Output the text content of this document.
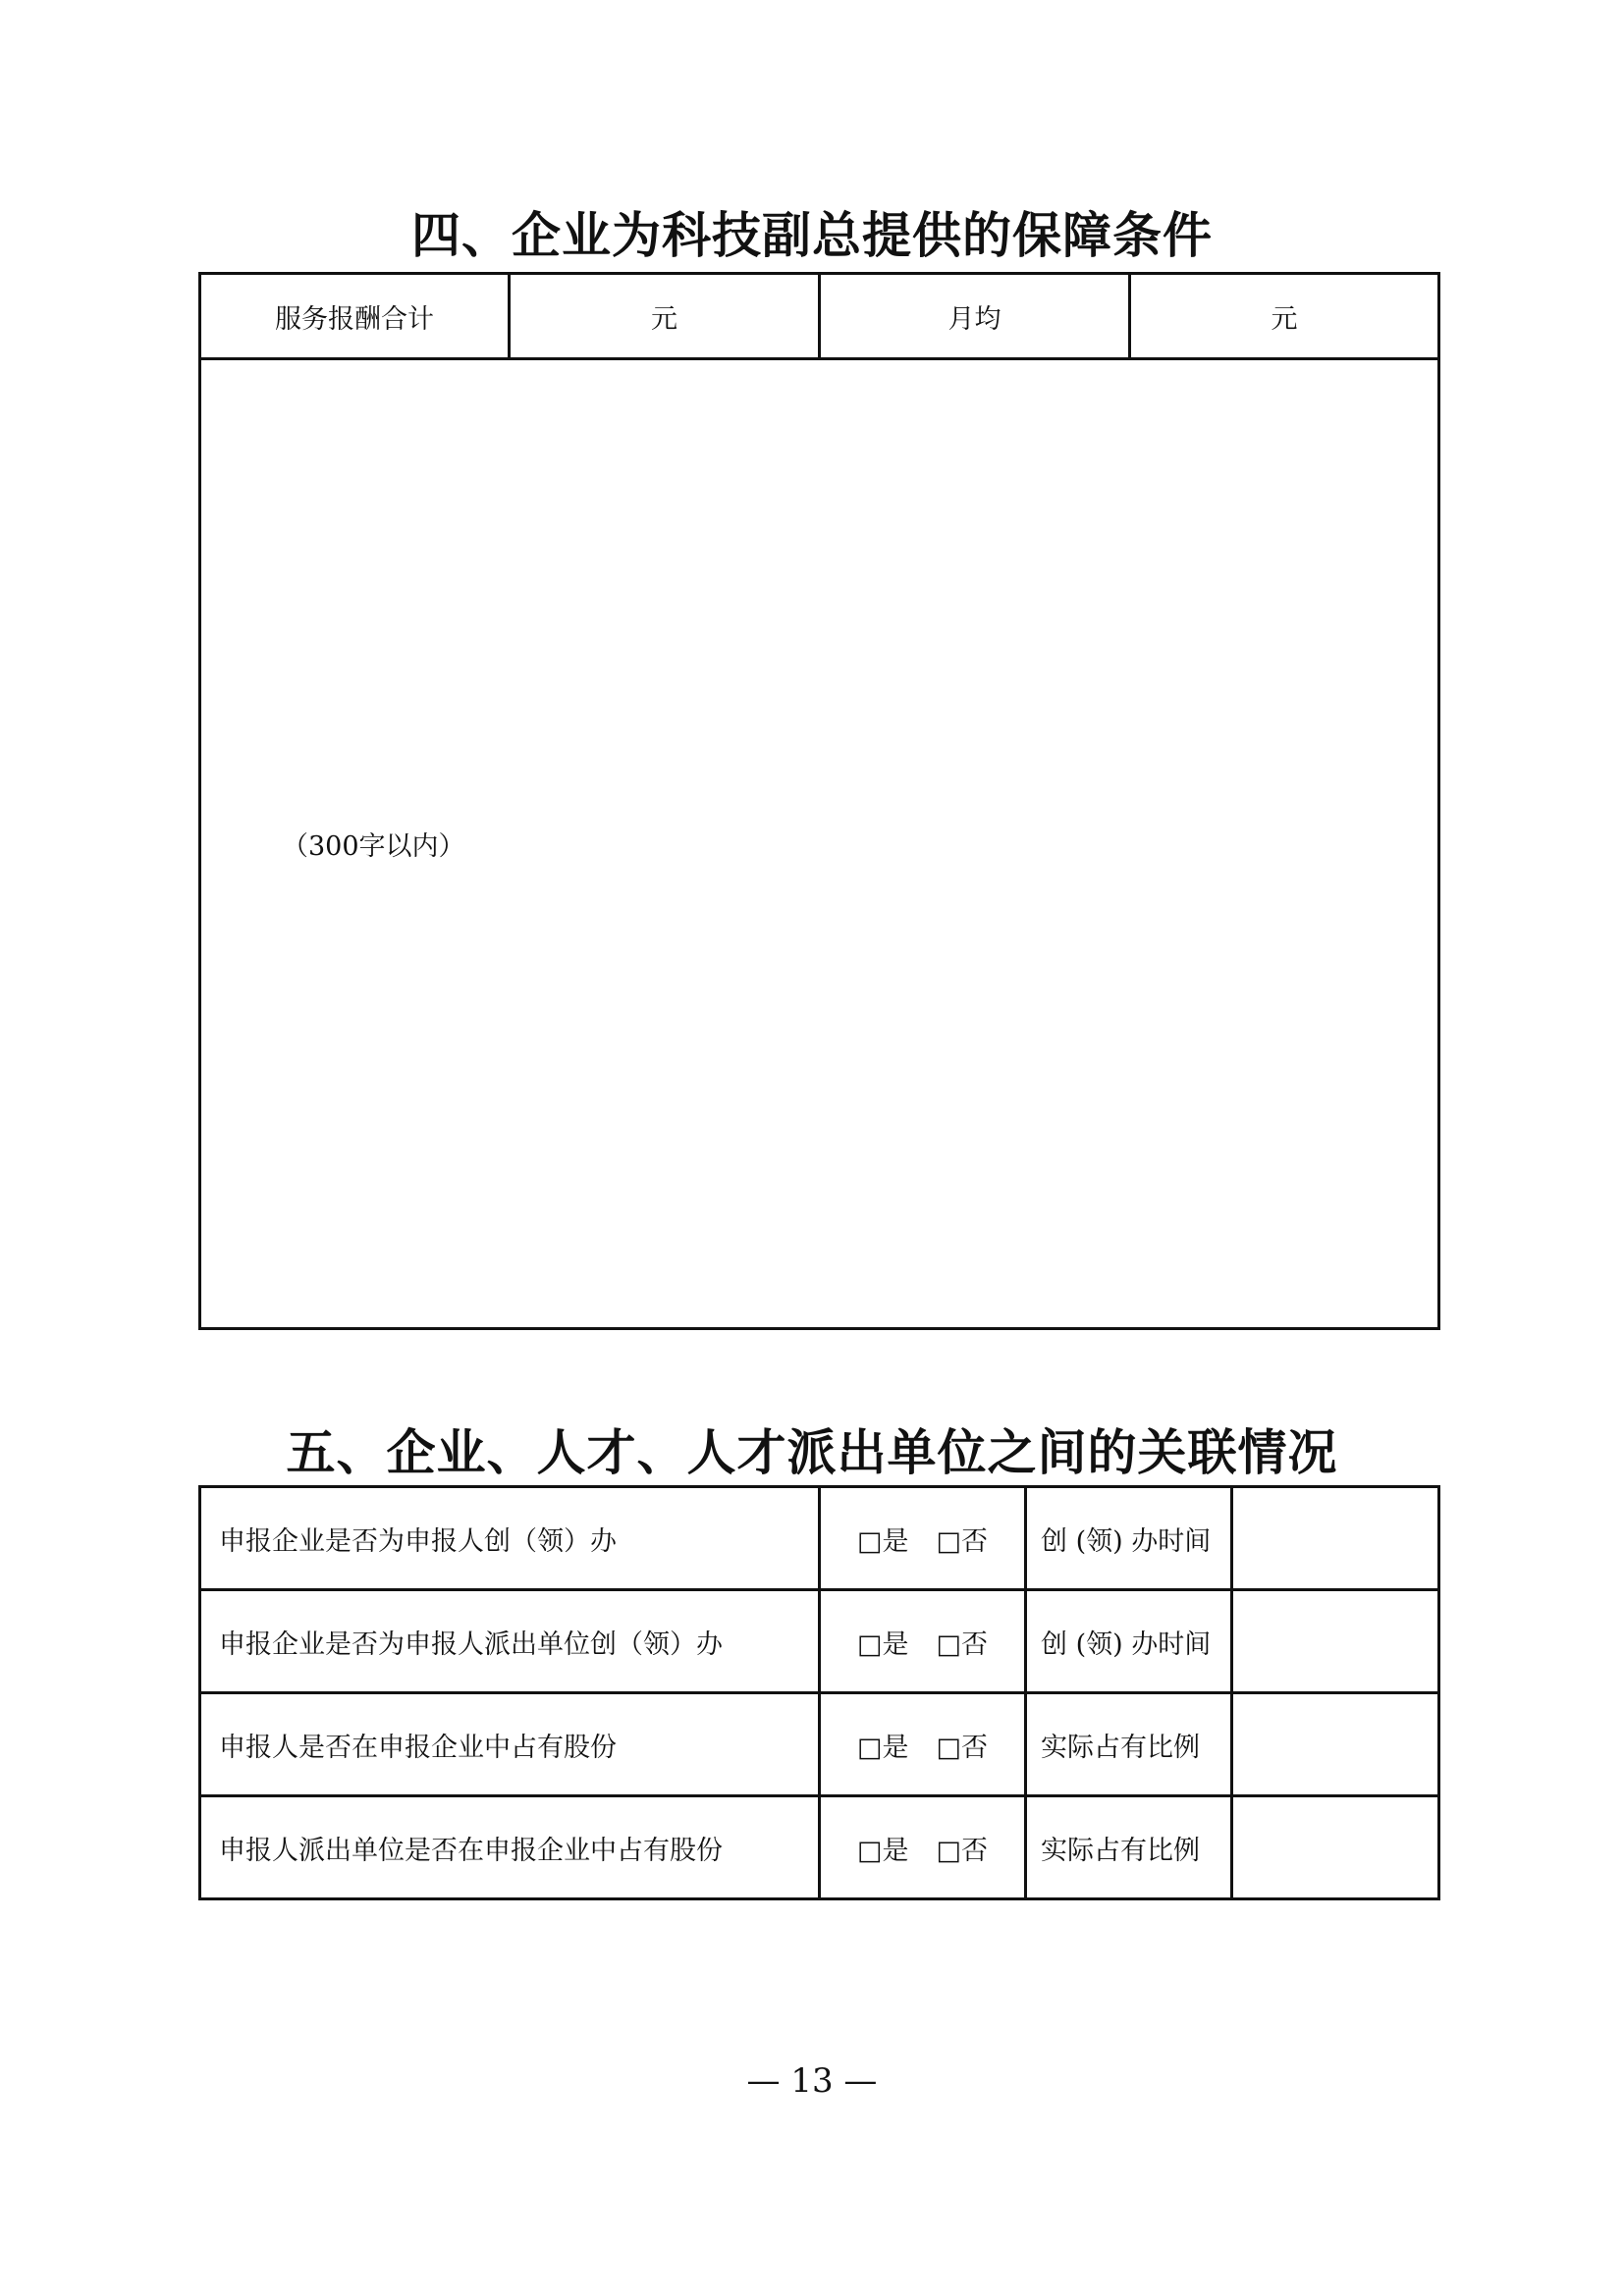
四、企业为科技副总提供的保障条件
服务报酬合计	元	月均	元
（300字以内）
五、企业、人才、人才派出单位之间的关联情况
申报企业是否为申报人创（领）办	□是 □否	创 (领) 办时间	
申报企业是否为申报人派出单位创（领）办	□是 □否	创 (领) 办时间	
申报人是否在申报企业中占有股份	□是 □否	实际占有比例	
申报人派出单位是否在申报企业中占有股份	□是 □否	实际占有比例	
— 13 —
